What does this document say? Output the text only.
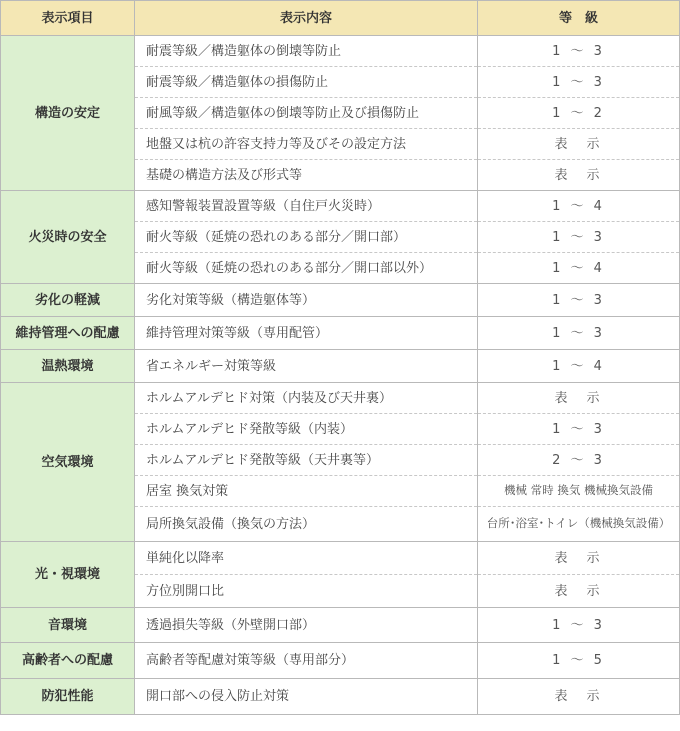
表示項目	表示内容	等　級
構造の安定	耐震等級／構造躯体の倒壊等防止	1 ～ 3
	耐震等級／構造躯体の損傷防止	1 ～ 3
	耐風等級／構造躯体の倒壊等防止及び損傷防止	1 ～ 2
	地盤又は杭の許容支持力等及びその設定方法	表　示
	基礎の構造方法及び形式等	表　示
火災時の安全	感知警報装置設置等級（自住戸火災時）	1 ～ 4
	耐火等級（延焼の恐れのある部分／開口部）	1 ～ 3
	耐火等級（延焼の恐れのある部分／開口部以外）	1 ～ 4
劣化の軽減	劣化対策等級（構造躯体等）	1 ～ 3
維持管理への配慮	維持管理対策等級（専用配管）	1 ～ 3
温熱環境	省エネルギー対策等級	1 ～ 4
空気環境	ホルムアルデヒド対策（内装及び天井裏）	表　示
	ホルムアルデヒド発散等級（内装）	1 ～ 3
	ホルムアルデヒド発散等級（天井裏等）	2 ～ 3
	居室 換気対策	機械 常時 換気 機械換気設備
	局所換気設備（換気の方法）	台所･浴室･トイレ（機械換気設備）
光・視環境	単純化以降率	表　示
	方位別開口比	表　示
音環境	透過損失等級（外壁開口部）	1 ～ 3
高齢者への配慮	高齢者等配慮対策等級（専用部分）	1 ～ 5
防犯性能	開口部への侵入防止対策	表　示
